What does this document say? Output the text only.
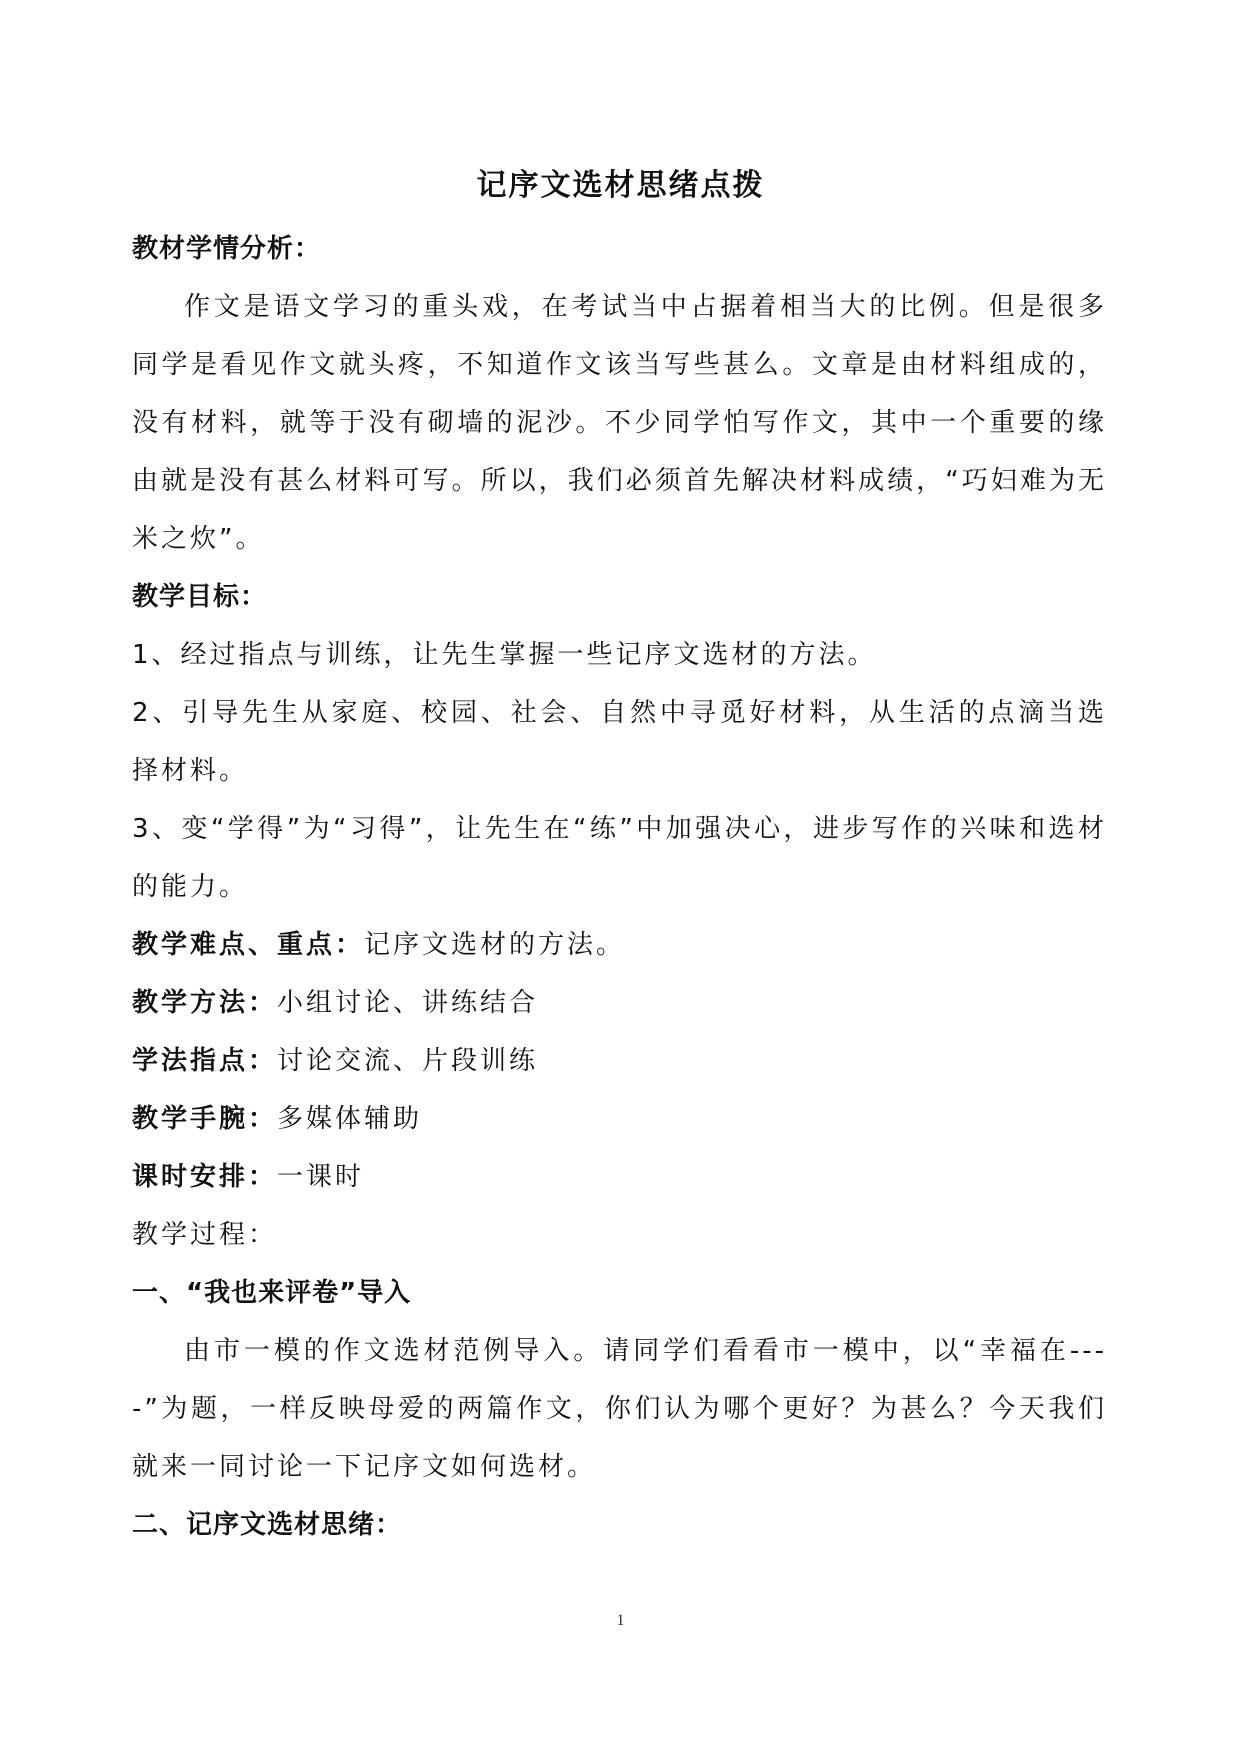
记序文选材思绪点拨

教材学情分析：

作文是语文学习的重头戏，在考试当中占据着相当大的比例。但是很多同学是看见作文就头疼，不知道作文该当写些甚么。文章是由材料组成的，没有材料，就等于没有砌墙的泥沙。不少同学怕写作文，其中一个重要的缘由就是没有甚么材料可写。所以，我们必须首先解决材料成绩，“巧妇难为无米之炊”。

教学目标：

1、经过指点与训练，让先生掌握一些记序文选材的方法。

2、引导先生从家庭、校园、社会、自然中寻觅好材料，从生活的点滴当选择材料。

3、变“学得”为“习得”，让先生在“练”中加强决心，进步写作的兴味和选材的能力。

教学难点、重点：记序文选材的方法。

教学方法：小组讨论、讲练结合

学法指点：讨论交流、片段训练

教学手腕：多媒体辅助

课时安排：一课时

教学过程：

一、“我也来评卷”导入

由市一模的作文选材范例导入。请同学们看看市一模中，以“幸福在----”为题，一样反映母爱的两篇作文，你们认为哪个更好？为甚么？今天我们就来一同讨论一下记序文如何选材。

二、记序文选材思绪：

1
